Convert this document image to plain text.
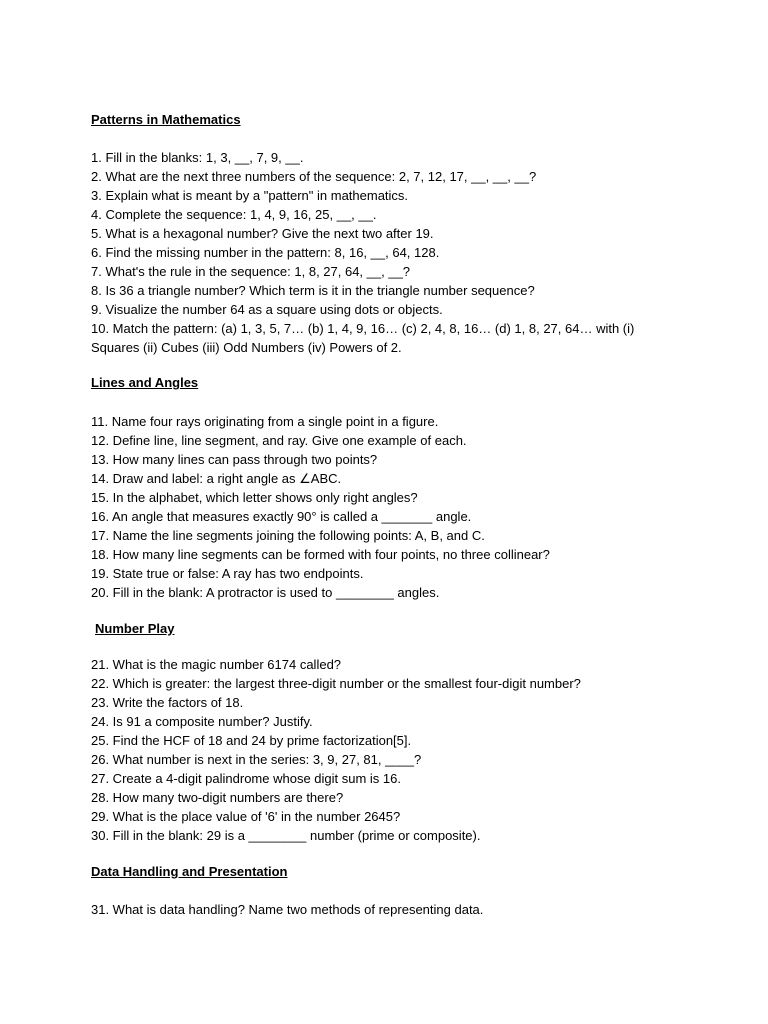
Patterns in Mathematics
1. Fill in the blanks: 1, 3, __, 7, 9, __.
2. What are the next three numbers of the sequence: 2, 7, 12, 17, __, __, __?
3. Explain what is meant by a "pattern" in mathematics.
4. Complete the sequence: 1, 4, 9, 16, 25, __, __.
5. What is a hexagonal number? Give the next two after 19.
6. Find the missing number in the pattern: 8, 16, __, 64, 128.
7. What's the rule in the sequence: 1, 8, 27, 64, __, __?
8. Is 36 a triangle number? Which term is it in the triangle number sequence?
9. Visualize the number 64 as a square using dots or objects.
10. Match the pattern: (a) 1, 3, 5, 7… (b) 1, 4, 9, 16… (c) 2, 4, 8, 16… (d) 1, 8, 27, 64… with (i) Squares (ii) Cubes (iii) Odd Numbers (iv) Powers of 2.
Lines and Angles
11. Name four rays originating from a single point in a figure.
12. Define line, line segment, and ray. Give one example of each.
13. How many lines can pass through two points?
14. Draw and label: a right angle as ∠ABC.
15. In the alphabet, which letter shows only right angles?
16. An angle that measures exactly 90° is called a _______ angle.
17. Name the line segments joining the following points: A, B, and C.
18. How many line segments can be formed with four points, no three collinear?
19. State true or false: A ray has two endpoints.
20. Fill in the blank: A protractor is used to ________ angles.
Number Play
21. What is the magic number 6174 called?
22. Which is greater: the largest three-digit number or the smallest four-digit number?
23. Write the factors of 18.
24. Is 91 a composite number? Justify.
25. Find the HCF of 18 and 24 by prime factorization[5].
26. What number is next in the series: 3, 9, 27, 81, ____?
27. Create a 4-digit palindrome whose digit sum is 16.
28. How many two-digit numbers are there?
29. What is the place value of '6' in the number 2645?
30. Fill in the blank: 29 is a ________ number (prime or composite).
Data Handling and Presentation
31. What is data handling? Name two methods of representing data.
